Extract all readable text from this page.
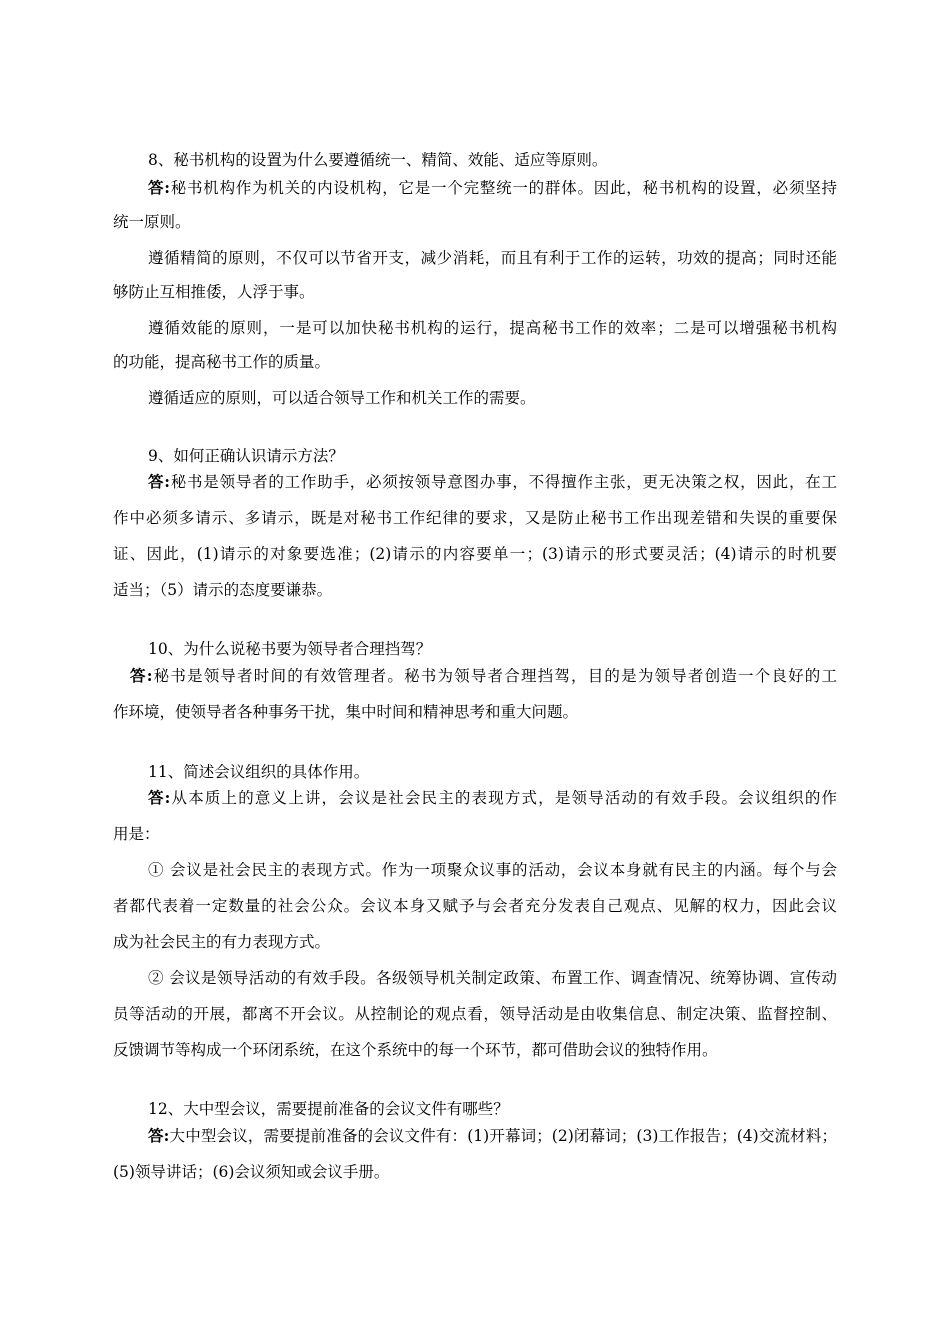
8、秘书机构的设置为什么要遵循统一、精简、效能、适应等原则。
答:秘书机构作为机关的内设机构，它是一个完整统一的群体。因此，秘书机构的设置，必须坚持
统一原则。
遵循精简的原则，不仅可以节省开支，减少消耗，而且有利于工作的运转，功效的提高；同时还能
够防止互相推倭，人浮于事。
遵循效能的原则，一是可以加快秘书机构的运行，提高秘书工作的效率；二是可以增强秘书机构
的功能，提高秘书工作的质量。
遵循适应的原则，可以适合领导工作和机关工作的需要。
9、如何正确认识请示方法？
答:秘书是领导者的工作助手，必须按领导意图办事，不得擅作主张，更无决策之权，因此，在工
作中必须多请示、多请示，既是对秘书工作纪律的要求，又是防止秘书工作出现差错和失误的重要保
证、因此，(1)请示的对象要选准；(2)请示的内容要单一；(3)请示的形式要灵活；(4)请示的时机要
适当；（5）请示的态度要谦恭。
10、为什么说秘书要为领导者合理挡驾？
答:秘书是领导者时间的有效管理者。秘书为领导者合理挡驾，目的是为领导者创造一个良好的工
作环境，使领导者各种事务干扰，集中时间和精神思考和重大问题。
11、简述会议组织的具体作用。
答:从本质上的意义上讲，会议是社会民主的表现方式，是领导活动的有效手段。会议组织的作
用是：
① 会议是社会民主的表现方式。作为一项聚众议事的活动，会议本身就有民主的内涵。每个与会
者都代表着一定数量的社会公众。会议本身又赋予与会者充分发表自己观点、见解的权力，因此会议
成为社会民主的有力表现方式。
② 会议是领导活动的有效手段。各级领导机关制定政策、布置工作、调查情况、统筹协调、宣传动
员等活动的开展，都离不开会议。从控制论的观点看，领导活动是由收集信息、制定决策、监督控制、
反馈调节等构成一个环闭系统，在这个系统中的每一个环节，都可借助会议的独特作用。
12、大中型会议，需要提前准备的会议文件有哪些？
答:大中型会议，需要提前准备的会议文件有：(1)开幕词；(2)闭幕词；(3)工作报告；(4)交流材料；
(5)领导讲话；(6)会议须知或会议手册。
